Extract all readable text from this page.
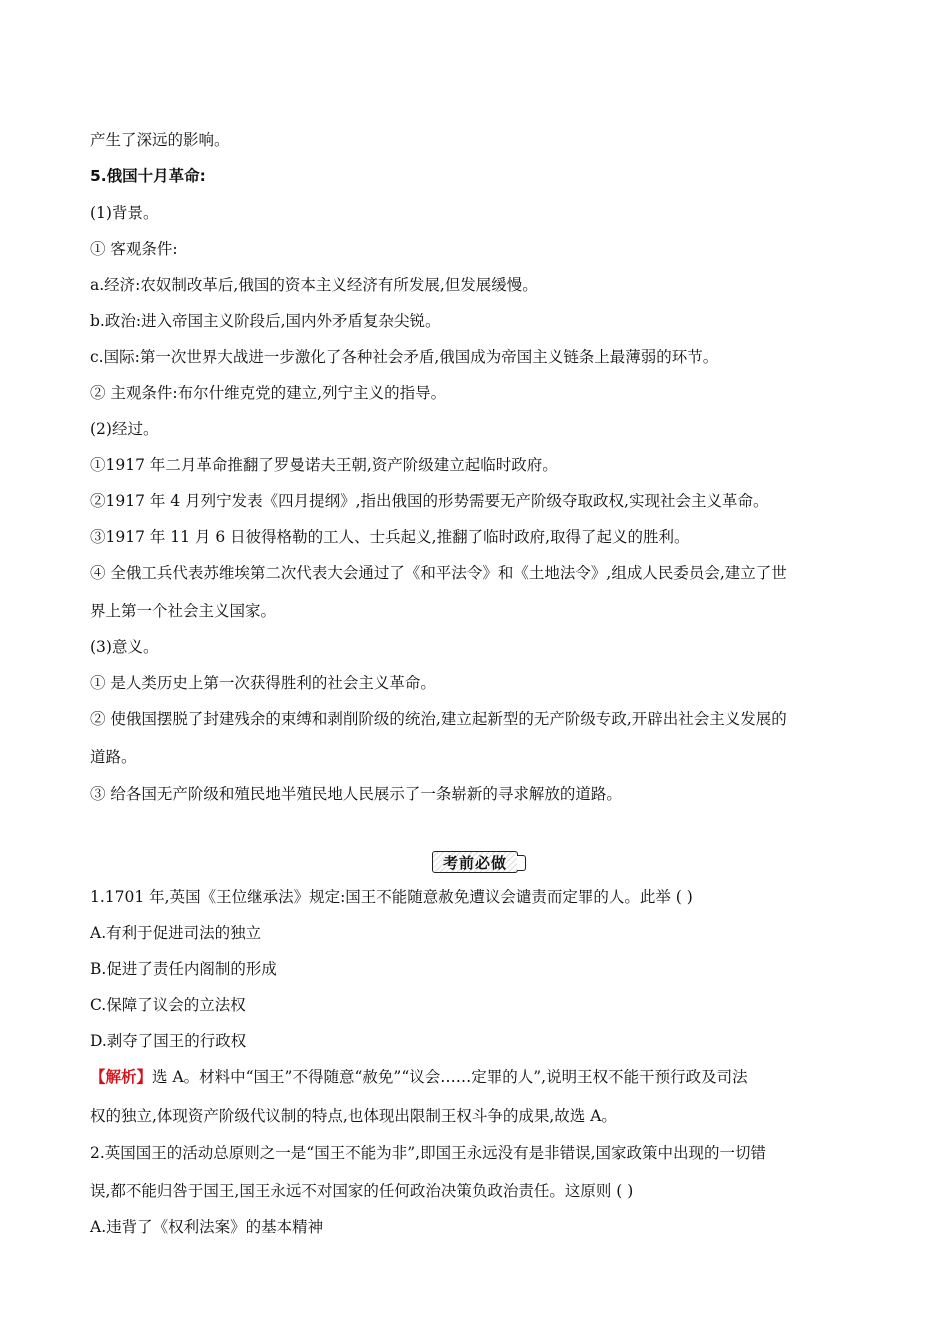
产生了深远的影响。
5.俄国十月革命:
(1)背景。
① 客观条件:
a.经济:农奴制改革后,俄国的资本主义经济有所发展,但发展缓慢。
b.政治:进入帝国主义阶段后,国内外矛盾复杂尖锐。
c.国际:第一次世界大战进一步激化了各种社会矛盾,俄国成为帝国主义链条上最薄弱的环节。
② 主观条件:布尔什维克党的建立,列宁主义的指导。
(2)经过。
①1917 年二月革命推翻了罗曼诺夫王朝,资产阶级建立起临时政府。
②1917 年 4 月列宁发表《四月提纲》,指出俄国的形势需要无产阶级夺取政权,实现社会主义革命。
③1917 年 11 月 6 日彼得格勒的工人、士兵起义,推翻了临时政府,取得了起义的胜利。
④ 全俄工兵代表苏维埃第二次代表大会通过了《和平法令》和《土地法令》,组成人民委员会,建立了世
界上第一个社会主义国家。
(3)意义。
① 是人类历史上第一次获得胜利的社会主义革命。
② 使俄国摆脱了封建残余的束缚和剥削阶级的统治,建立起新型的无产阶级专政,开辟出社会主义发展的
道路。
③ 给各国无产阶级和殖民地半殖民地人民展示了一条崭新的寻求解放的道路。
考前必做
1.1701 年,英国《王位继承法》规定:国王不能随意赦免遭议会谴责而定罪的人。此举 ( )
A.有利于促进司法的独立
B.促进了责任内阁制的形成
C.保障了议会的立法权
D.剥夺了国王的行政权
【解析】选 A。材料中“国王”不得随意“赦免”“议会……定罪的人”,说明王权不能干预行政及司法
权的独立,体现资产阶级代议制的特点,也体现出限制王权斗争的成果,故选 A。
2.英国国王的活动总原则之一是“国王不能为非”,即国王永远没有是非错误,国家政策中出现的一切错
误,都不能归咎于国王,国王永远不对国家的任何政治决策负政治责任。这原则 ( )
A.违背了《权利法案》的基本精神
